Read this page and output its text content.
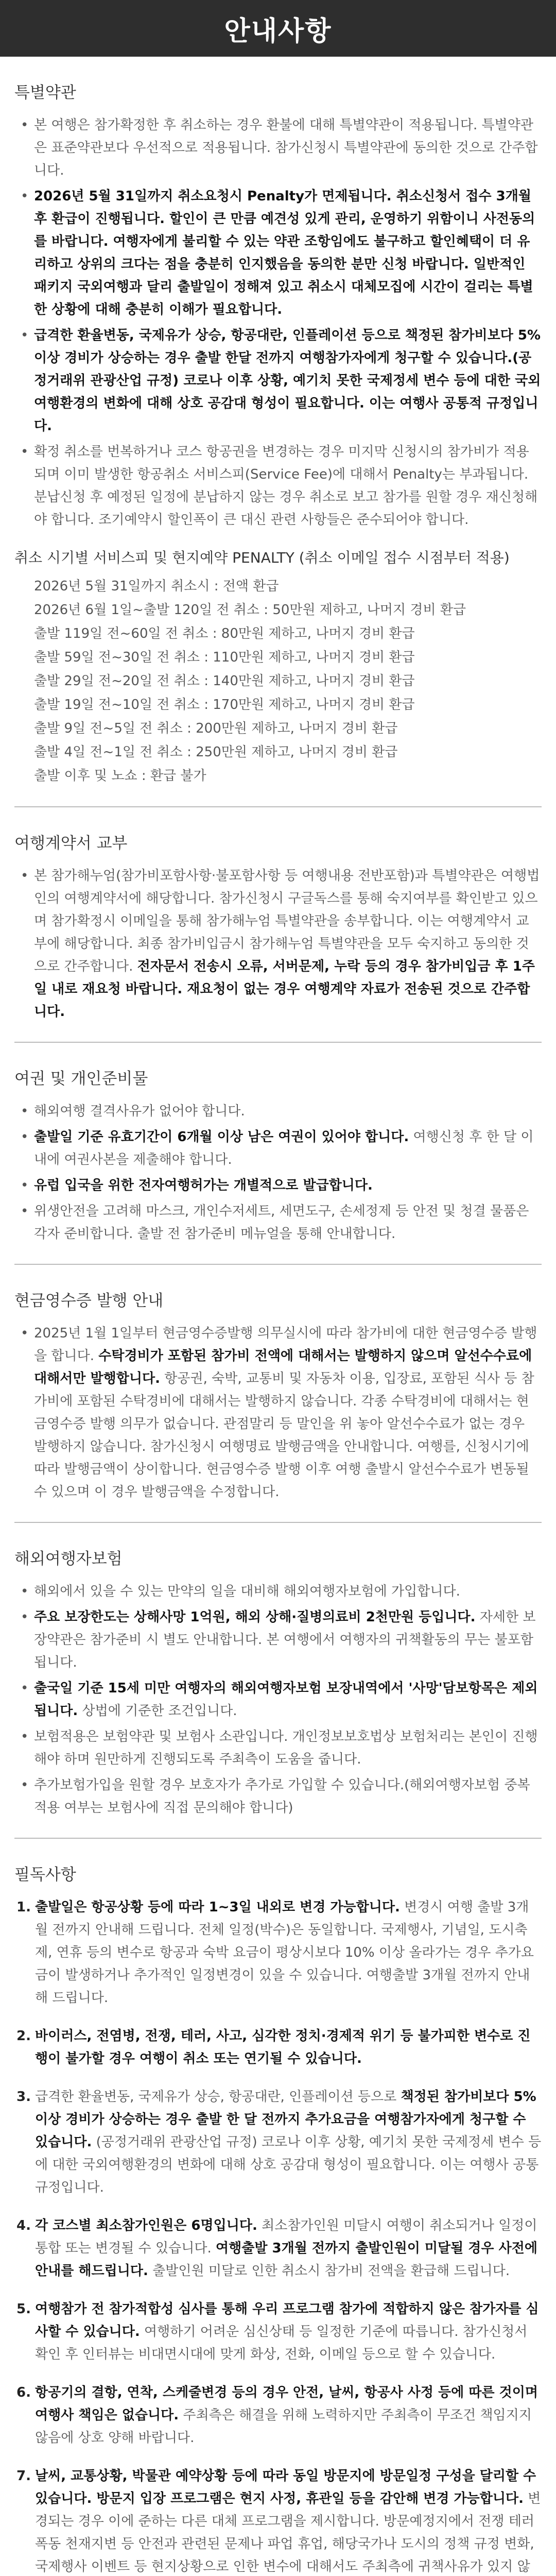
안내사항
특별약관
• 본 여행은 참가확정한 후 취소하는 경우 환불에 대해 특별약관이 적용됩니다. 특별약관은 표준약관보다 우선적으로 적용됩니다. 참가신청시 특별약관에 동의한 것으로 간주합니다.
• 2026년 5월 31일까지 취소요청시 Penalty가 면제됩니다. 취소신청서 접수 3개월 후 환급이 진행됩니다. 할인이 큰 만큼 예견성 있게 관리, 운영하기 위함이니 사전동의를 바랍니다. 여행자에게 불리할 수 있는 약관 조항임에도 불구하고 할인혜택이 더 유리하고 상위의 크다는 점을 충분히 인지했음을 동의한 분만 신청 바랍니다. 일반적인 패키지 국외여행과 달리 출발일이 정해져 있고 취소시 대체모집에 시간이 걸리는 특별한 상황에 대해 충분히 이해가 필요합니다.
• 급격한 환율변동, 국제유가 상승, 항공대란, 인플레이션 등으로 책정된 참가비보다 5% 이상 경비가 상승하는 경우 출발 한달 전까지 여행참가자에게 청구할 수 있습니다.(공정거래위 관광산업 규정) 코로나 이후 상황, 예기치 못한 국제정세 변수 등에 대한 국외여행환경의 변화에 대해 상호 공감대 형성이 필요합니다. 이는 여행사 공통적 규정입니다.
• 확정 취소를 번복하거나 코스 항공권을 변경하는 경우 미지막 신청시의 참가비가 적용되며 이미 발생한 항공취소 서비스피(Service Fee)에 대해서 Penalty는 부과됩니다. 분납신청 후 예정된 일정에 분납하지 않는 경우 취소로 보고 참가를 원할 경우 재신청해야 합니다. 조기예약시 할인폭이 큰 대신 관련 사항들은 준수되어야 합니다.
취소 시기별 서비스피 및 현지예약 PENALTY (취소 이메일 접수 시점부터 적용)
2026년 5월 31일까지 취소시 : 전액 환급
2026년 6월 1일~출발 120일 전 취소 : 50만원 제하고, 나머지 경비 환급
출발 119일 전~60일 전 취소 : 80만원 제하고, 나머지 경비 환급
출발 59일 전~30일 전 취소 : 110만원 제하고, 나머지 경비 환급
출발 29일 전~20일 전 취소 : 140만원 제하고, 나머지 경비 환급
출발 19일 전~10일 전 취소 : 170만원 제하고, 나머지 경비 환급
출발 9일 전~5일 전 취소 : 200만원 제하고, 나머지 경비 환급
출발 4일 전~1일 전 취소 : 250만원 제하고, 나머지 경비 환급
출발 이후 및 노쇼 : 환급 불가
여행계약서 교부
• 본 참가해누엄(참가비포함사항·불포함사항 등 여행내용 전반포함)과 특별약관은 여행법인의 여행계약서에 해당합니다. 참가신청시 구글독스를 통해 숙지여부를 확인받고 있으며 참가확정시 이메일을 통해 참가해누엄 특별약관을 송부합니다. 이는 여행계약서 교부에 해당합니다. 최종 참가비입금시 참가해누엄 특별약관을 모두 숙지하고 동의한 것으로 간주합니다. 전자문서 전송시 오류, 서버문제, 누락 등의 경우 참가비입금 후 1주일 내로 재요청 바랍니다. 재요청이 없는 경우 여행계약 자료가 전송된 것으로 간주합니다.
여권 및 개인준비물
• 해외여행 결격사유가 없어야 합니다.
• 출발일 기준 유효기간이 6개월 이상 남은 여권이 있어야 합니다. 여행신청 후 한 달 이내에 여권사본을 제출해야 합니다.
• 유럽 입국을 위한 전자여행허가는 개별적으로 발급합니다.
• 위생안전을 고려해 마스크, 개인수저세트, 세면도구, 손세정제 등 안전 및 청결 물품은 각자 준비합니다. 출발 전 참가준비 메뉴얼을 통해 안내합니다.
현금영수증 발행 안내
• 2025년 1월 1일부터 현금영수증발행 의무실시에 따라 참가비에 대한 현금영수증 발행을 합니다. 수탁경비가 포함된 참가비 전액에 대해서는 발행하지 않으며 알선수수료에 대해서만 발행합니다. 항공권, 숙박, 교통비 및 자동차 이용, 입장료, 포함된 식사 등 참가비에 포함된 수탁경비에 대해서는 발행하지 않습니다. 각종 수탁경비에 대해서는 현금영수증 발행 의무가 없습니다. 관점말리 등 말인을 위 놓아 알선수수료가 없는 경우 발행하지 않습니다. 참가신청시 여행명료 발행금액을 안내합니다. 여행를, 신청시기에 따라 발행금액이 상이합니다. 현금영수증 발행 이후 여행 출발시 알선수수료가 변동될 수 있으며 이 경우 발행금액을 수정합니다.
해외여행자보험
• 해외에서 있을 수 있는 만약의 일을 대비해 해외여행자보험에 가입합니다.
• 주요 보장한도는 상해사망 1억원, 해외 상해·질병의료비 2천만원 등입니다. 자세한 보장약관은 참가준비 시 별도 안내합니다. 본 여행에서 여행자의 귀책활동의 무는 불포함됩니다.
• 출국일 기준 15세 미만 여행자의 해외여행자보험 보장내역에서 '사망'담보항목은 제외됩니다. 상법에 기준한 조건입니다.
• 보험적용은 보험약관 및 보험사 소관입니다. 개인정보보호법상 보험처리는 본인이 진행해야 하며 원만하게 진행되도록 주최측이 도움을 줍니다.
• 추가보험가입을 원할 경우 보호자가 추가로 가입할 수 있습니다.(해외여행자보험 중복적용 여부는 보험사에 직접 문의해야 합니다)
필독사항
1. 출발일은 항공상황 등에 따라 1~3일 내외로 변경 가능합니다. 변경시 여행 출발 3개월 전까지 안내해 드립니다. 전체 일정(박수)은 동일합니다. 국제행사, 기념일, 도시축제, 연휴 등의 변수로 항공과 숙박 요금이 평상시보다 10% 이상 올라가는 경우 추가요금이 발생하거나 추가적인 일정변경이 있을 수 있습니다. 여행출발 3개월 전까지 안내해 드립니다.
2. 바이러스, 전염병, 전쟁, 테러, 사고, 심각한 정치·경제적 위기 등 불가피한 변수로 진행이 불가할 경우 여행이 취소 또는 연기될 수 있습니다.
3. 급격한 환율변동, 국제유가 상승, 항공대란, 인플레이션 등으로 책정된 참가비보다 5% 이상 경비가 상승하는 경우 출발 한 달 전까지 추가요금을 여행참가자에게 청구할 수 있습니다. (공정거래위 관광산업 규정) 코로나 이후 상황, 예기치 못한 국제정세 변수 등에 대한 국외여행환경의 변화에 대해 상호 공감대 형성이 필요합니다. 이는 여행사 공통 규정입니다.
4. 각 코스별 최소참가인원은 6명입니다. 최소참가인원 미달시 여행이 취소되거나 일정이 통합 또는 변경될 수 있습니다. 여행출발 3개월 전까지 출발인원이 미달될 경우 사전에 안내를 해드립니다. 출발인원 미달로 인한 취소시 참가비 전액을 환급해 드립니다.
5. 여행참가 전 참가적합성 심사를 통해 우리 프로그램 참가에 적합하지 않은 참가자를 심사할 수 있습니다. 여행하기 어려운 심신상태 등 일정한 기준에 따릅니다. 참가신청서 확인 후 인터뷰는 비대면시대에 맞게 화상, 전화, 이메일 등으로 할 수 있습니다.
6. 항공기의 결항, 연착, 스케줄변경 등의 경우 안전, 날씨, 항공사 사정 등에 따른 것이며 여행사 책임은 없습니다. 주최측은 해결을 위해 노력하지만 주최측이 무조건 책임지지 않음에 상호 양해 바랍니다.
7. 날씨, 교통상황, 박물관 예약상황 등에 따라 동일 방문지에 방문일정 구성을 달리할 수 있습니다. 방문지 입장 프로그램은 현지 사정, 휴관일 등을 감안해 변경 가능합니다. 변경되는 경우 이에 준하는 다른 대체 프로그램을 제시합니다. 방문예정지에서 전쟁 테러 폭동 천재지변 등 안전과 관련된 문제나 파업 휴업, 해당국가나 도시의 정책 규정 변화, 국제행사 이벤트 등 현지상황으로 인한 변수에 대해서도 주최측에 귀책사유가 있지 않
